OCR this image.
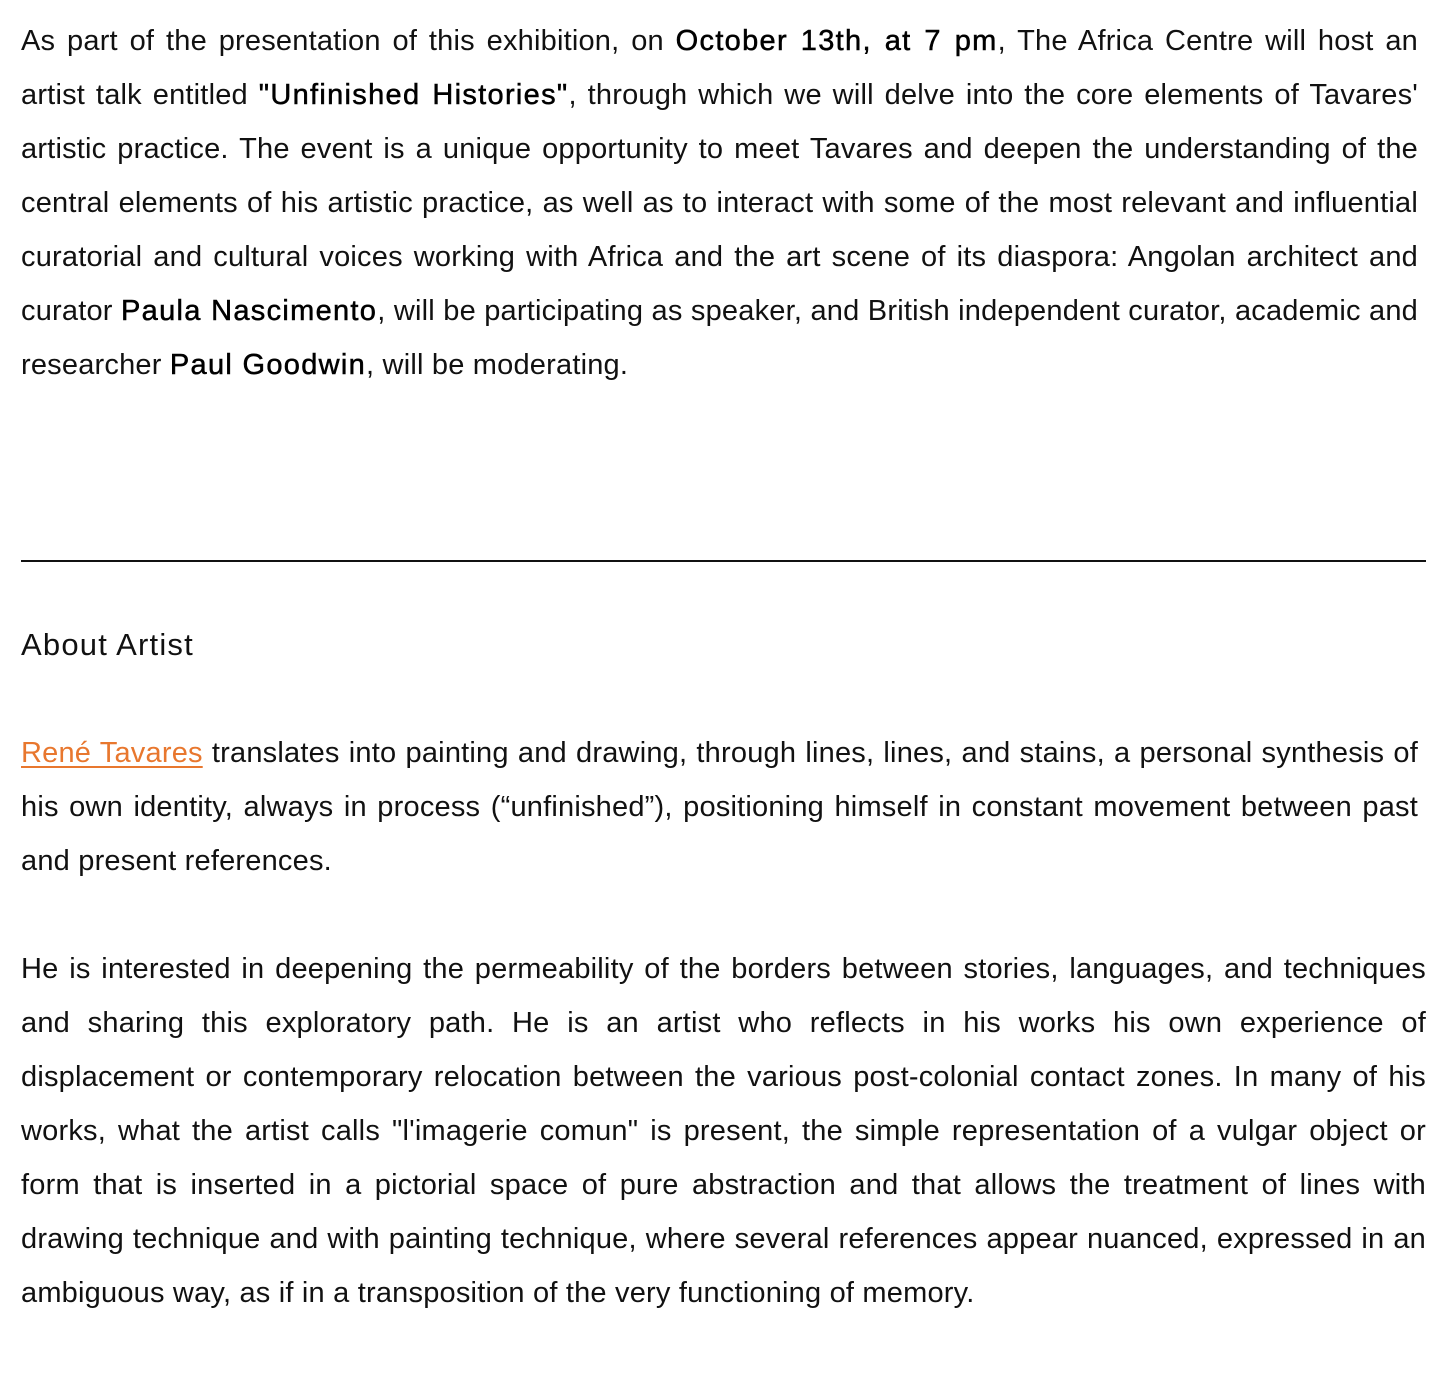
As part of the presentation of this exhibition, on October 13th, at 7 pm, The Africa Centre will host an artist talk entitled "Unfinished Histories", through which we will delve into the core elements of Tavares' artistic practice. The event is a unique opportunity to meet Tavares and deepen the understanding of the central elements of his artistic practice, as well as to interact with some of the most relevant and influential curatorial and cultural voices working with Africa and the art scene of its diaspora: Angolan architect and curator Paula Nascimento, will be participating as speaker, and British independent curator, academic and researcher Paul Goodwin, will be moderating.

About Artist

René Tavares translates into painting and drawing, through lines, lines, and stains, a personal synthesis of his own identity, always in process (“unfinished”), positioning himself in constant movement between past and present references.

He is interested in deepening the permeability of the borders between stories, languages, and techniques and sharing this exploratory path. He is an artist who reflects in his works his own experience of displacement or contemporary relocation between the various post-colonial contact zones. In many of his works, what the artist calls "l'imagerie comun" is present, the simple representation of a vulgar object or form that is inserted in a pictorial space of pure abstraction and that allows the treatment of lines with drawing technique and with painting technique, where several references appear nuanced, expressed in an ambiguous way, as if in a transposition of the very functioning of memory.
